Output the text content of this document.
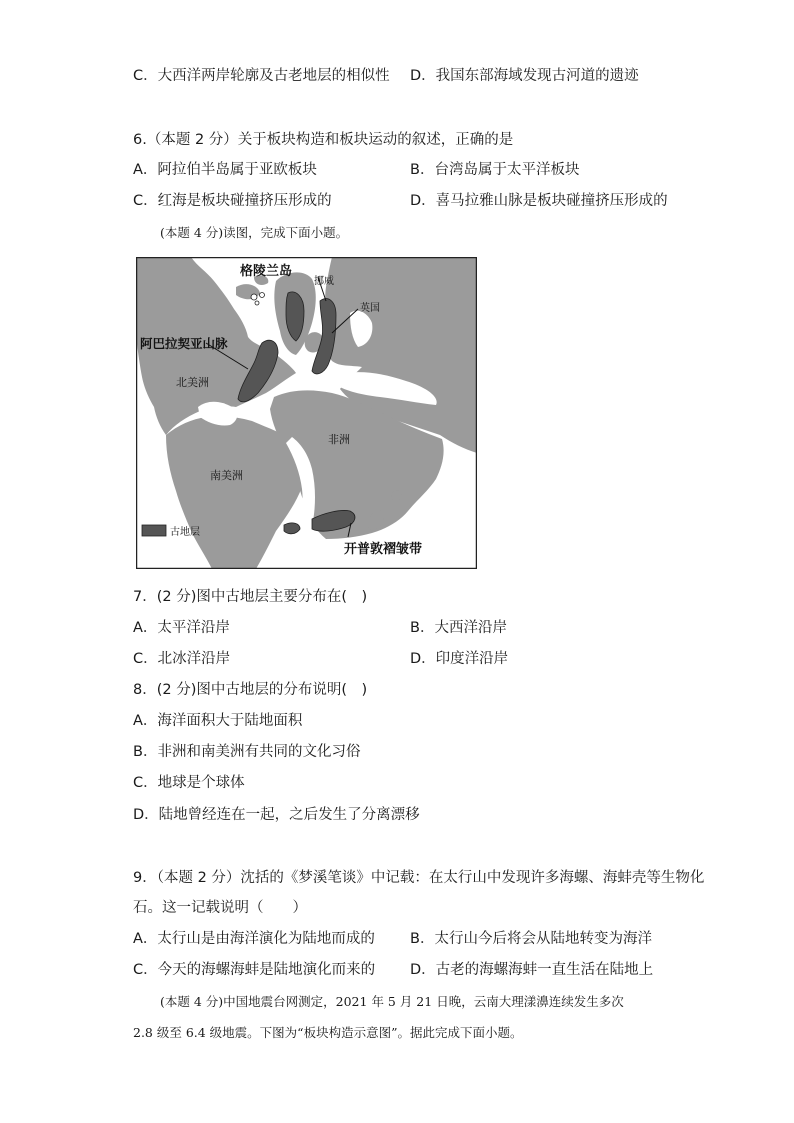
C．大西洋两岸轮廓及古老地层的相似性 D．我国东部海域发现古河道的遗迹
6.（本题 2 分）关于板块构造和板块运动的叙述，正确的是
A．阿拉伯半岛属于亚欧板块	B．台湾岛属于太平洋板块
C．红海是板块碰撞挤压形成的	D．喜马拉雅山脉是板块碰撞挤压形成的
(本题 4 分)读图，完成下面小题。
格陵兰岛
挪威
英国
阿巴拉契亚山脉
北美洲
非洲
南美洲
古地层
开普敦褶皱带
7．(2 分)图中古地层主要分布在(　)
A．太平洋沿岸	B．大西洋沿岸
C．北冰洋沿岸	D．印度洋沿岸
8．(2 分)图中古地层的分布说明(　)
A．海洋面积大于陆地面积
B．非洲和南美洲有共同的文化习俗
C．地球是个球体
D．陆地曾经连在一起，之后发生了分离漂移
9．（本题 2 分）沈括的《梦溪笔谈》中记载：在太行山中发现许多海螺、海蚌壳等生物化
石。这一记载说明（　　）
A．太行山是由海洋演化为陆地而成的 B．太行山今后将会从陆地转变为海洋
C．今天的海螺海蚌是陆地演化而来的 D．古老的海螺海蚌一直生活在陆地上
(本题 4 分)中国地震台网测定，2021 年 5 月 21 日晚，云南大理漾濞连续发生多次
2.8 级至 6.4 级地震。下图为“板块构造示意图”。据此完成下面小题。
